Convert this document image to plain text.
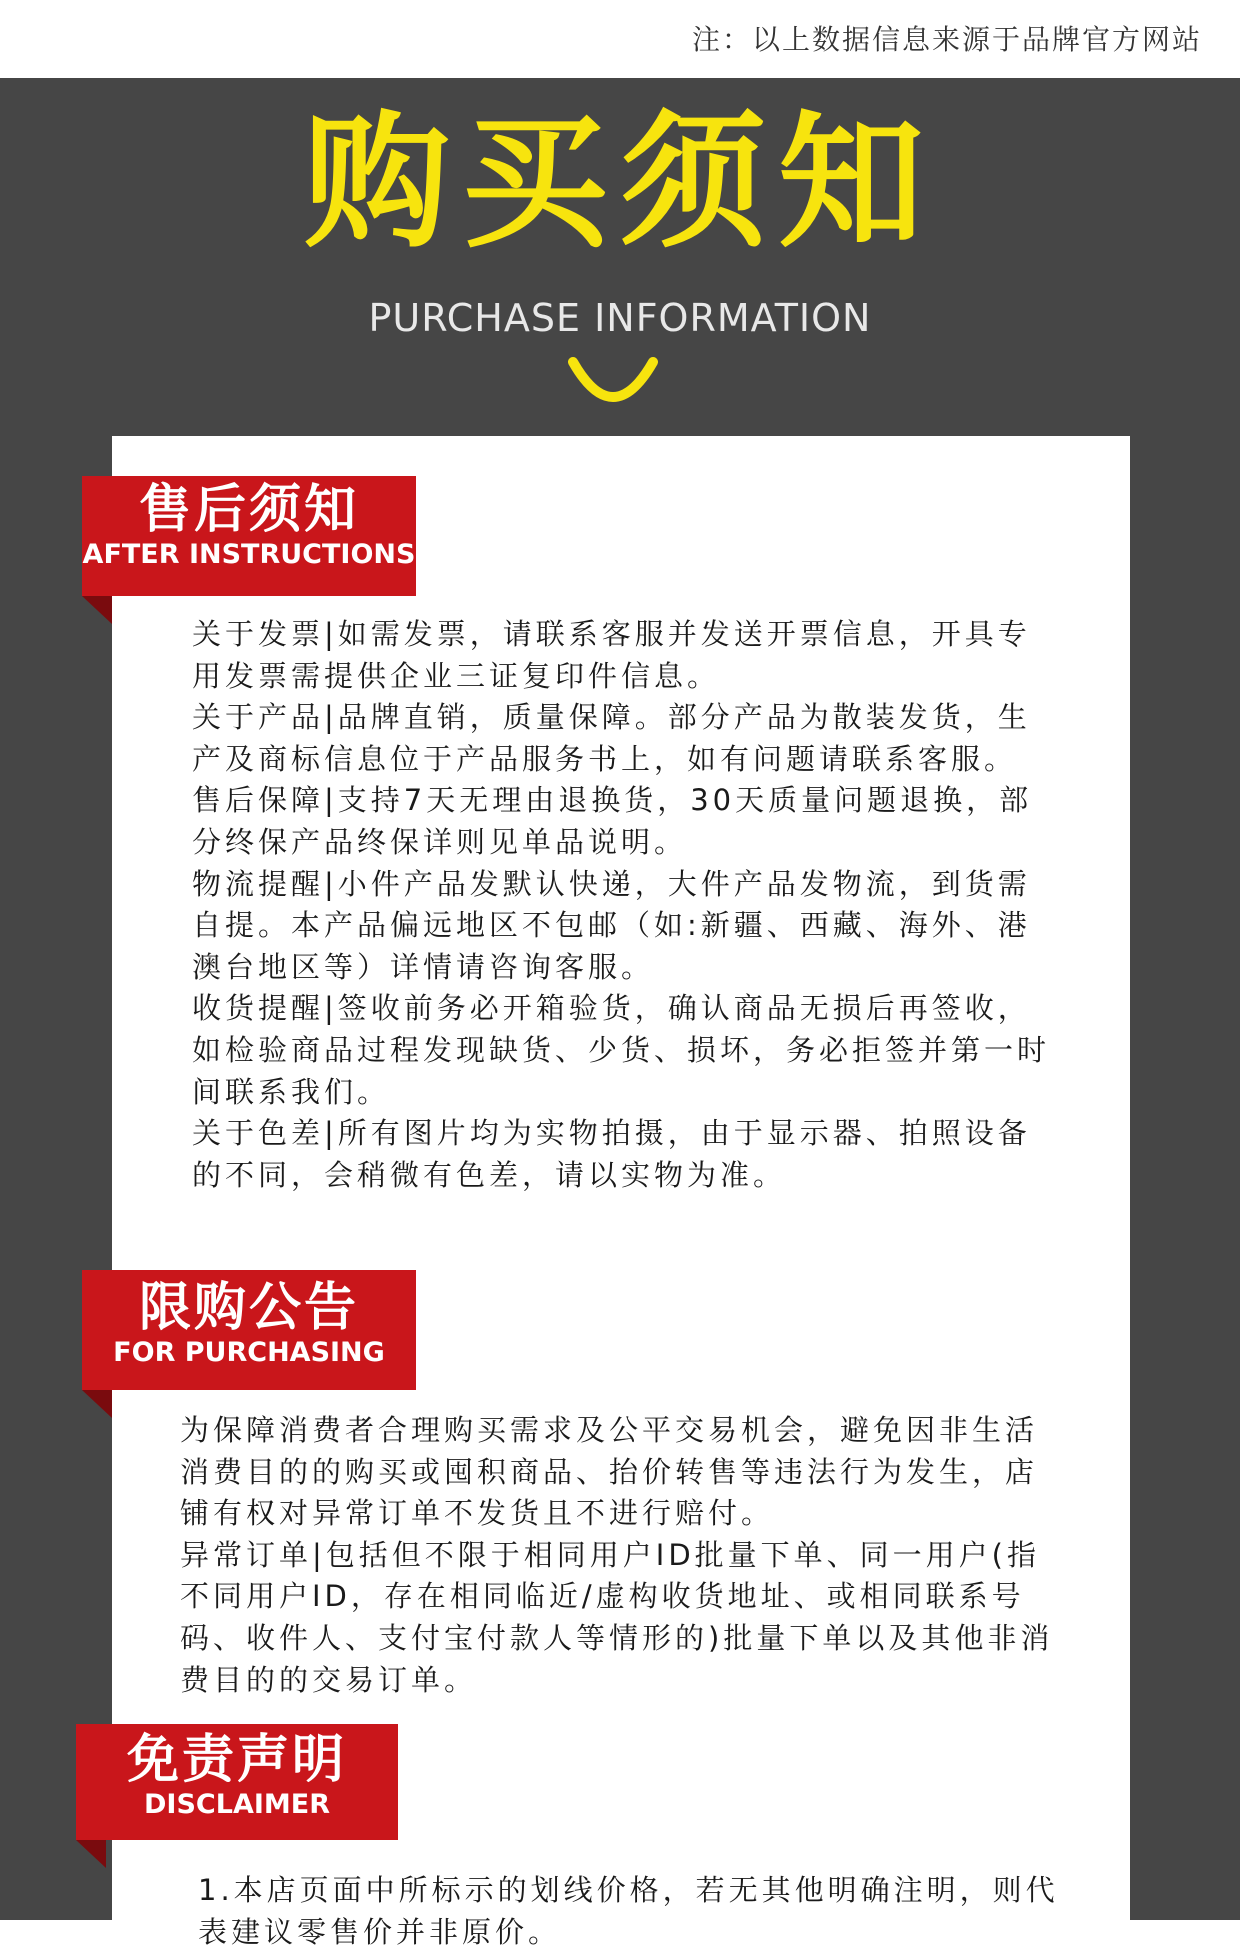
注：以上数据信息来源于品牌官方网站
购买须知
PURCHASE INFORMATION
售后须知
AFTER INSTRUCTIONS

关于发票|如需发票，请联系客服并发送开票信息，开具专用发票需提供企业三证复印件信息。

关于产品|品牌直销，质量保障。部分产品为散装发货，生产及商标信息位于产品服务书上，如有问题请联系客服。

售后保障|支持7天无理由退换货，30天质量问题退换，部分终保产品终保详则见单品说明。

物流提醒|小件产品发默认快递，大件产品发物流，到货需自提。本产品偏远地区不包邮（如:新疆、西藏、海外、港澳台地区等）详情请咨询客服。

收货提醒|签收前务必开箱验货，确认商品无损后再签收，如检验商品过程发现缺货、少货、损坏，务必拒签并第一时间联系我们。

关于色差|所有图片均为实物拍摄，由于显示器、拍照设备的不同，会稍微有色差，请以实物为准。

限购公告
FOR PURCHASING

为保障消费者合理购买需求及公平交易机会，避免因非生活消费目的的购买或囤积商品、抬价转售等违法行为发生，店铺有权对异常订单不发货且不进行赔付。

异常订单|包括但不限于相同用户ID批量下单、同一用户(指不同用户ID，存在相同临近/虚构收货地址、或相同联系号码、收件人、支付宝付款人等情形的)批量下单以及其他非消费目的的交易订单。

免责声明
DISCLAIMER

1.本店页面中所标示的划线价格，若无其他明确注明，则代表建议零售价并非原价。
